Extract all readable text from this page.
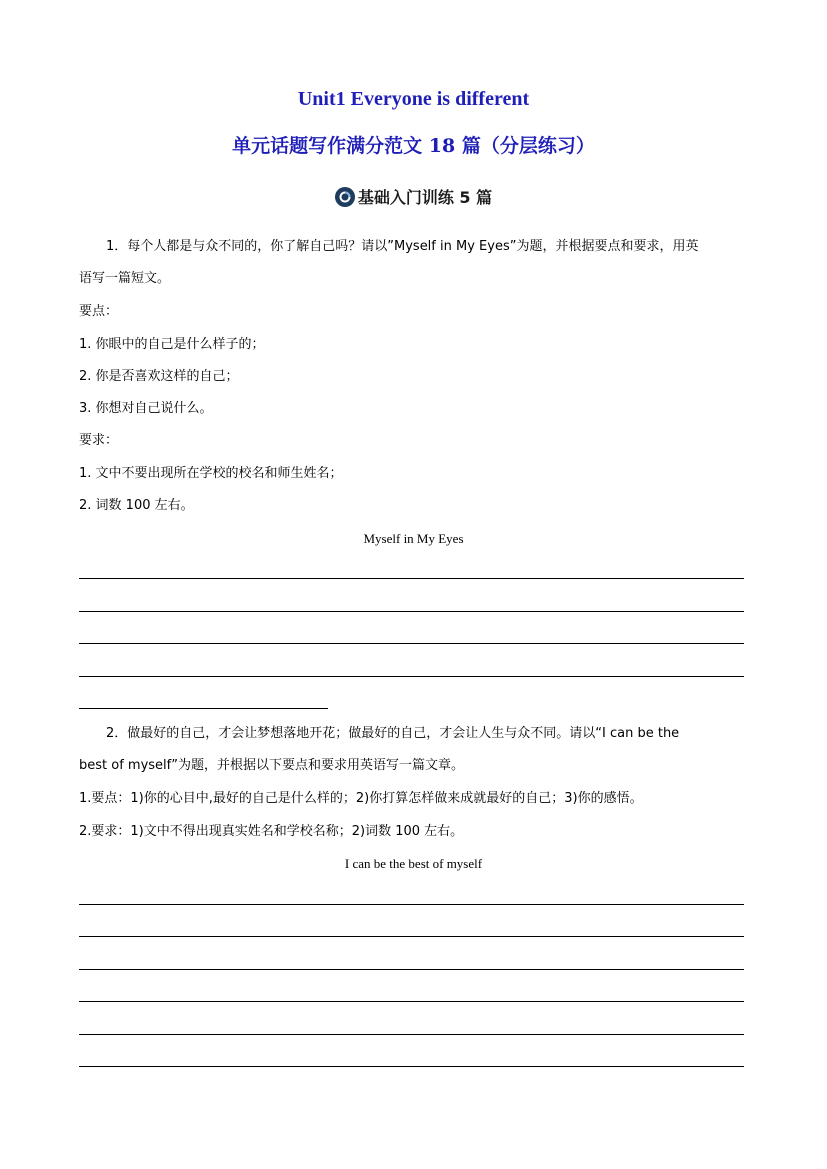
Unit1 Everyone is different
单元话题写作满分范文 18 篇（分层练习）
基础入门训练 5 篇
1．每个人都是与众不同的，你了解自己吗？请以”Myself in My Eyes”为题，并根据要点和要求，用英
语写一篇短文。
要点：
1. 你眼中的自己是什么样子的；
2. 你是否喜欢这样的自己；
3. 你想对自己说什么。
要求：
1. 文中不要出现所在学校的校名和师生姓名；
2. 词数 100 左右。
Myself in My Eyes
2．做最好的自己，才会让梦想落地开花；做最好的自己，才会让人生与众不同。请以“I can be the
best of myself”为题，并根据以下要点和要求用英语写一篇文章。
1.要点：1)你的心目中,最好的自己是什么样的；2)你打算怎样做来成就最好的自己；3)你的感悟。
2.要求：1)文中不得出现真实姓名和学校名称；2)词数 100 左右。
I can be the best of myself
